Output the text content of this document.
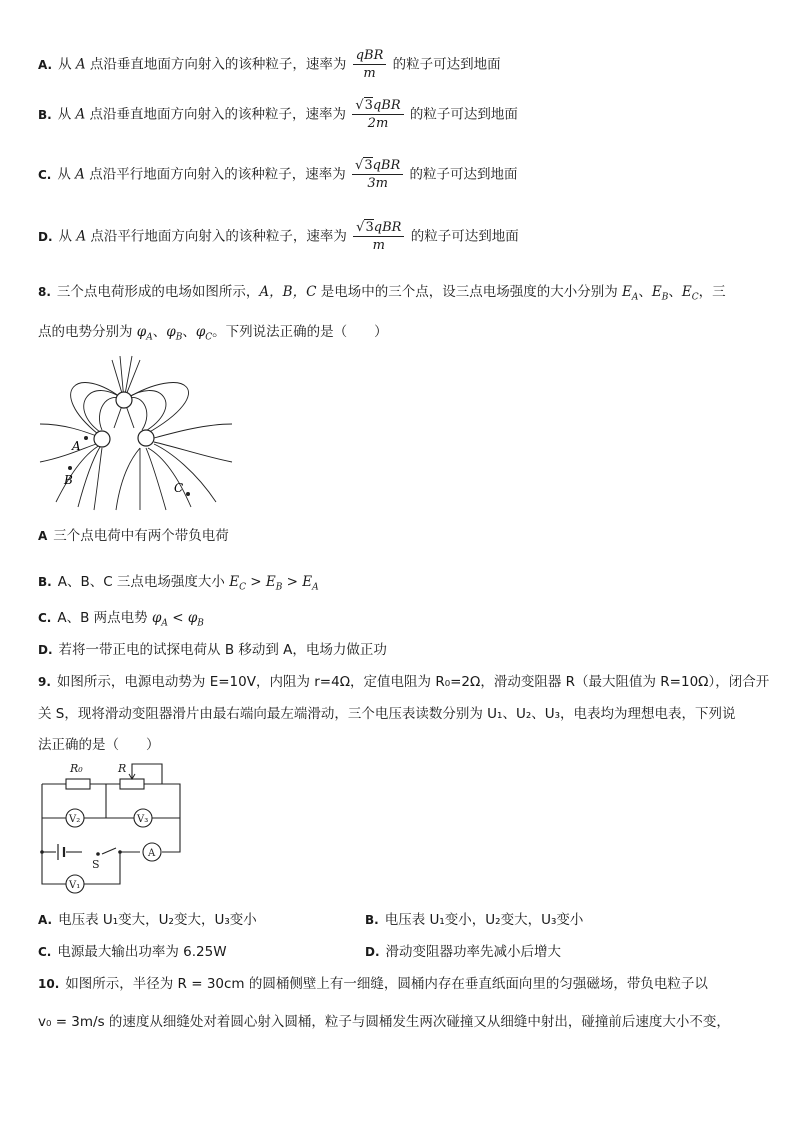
A. 从 A 点沿垂直地面方向射入的该种粒子，速率为 $\frac{\text{qBR}}{m}$ 的粒子可达到地面
B. 从 A 点沿垂直地面方向射入的该种粒子，速率为 $\frac{\text{√3qBR}}{2m}$ 的粒子可达到地面
C. 从 A 点沿平行地面方向射入的该种粒子，速率为 $\frac{\text{√3qBR}}{3m}$ 的粒子可达到地面
D. 从 A 点沿平行地面方向射入的该种粒子，速率为 $\frac{\text{√3qBR}}{m}$ 的粒子可达到地面
8. 三个点电荷形成的电场如图所示，A，B，C 是电场中的三个点，设三点电场强度的大小分别为 $E_A$、$E_B$、$E_C$，三
点的电势分别为 $\varphi_A$、$\varphi_B$、$\varphi_C$。下列说法正确的是（　　）
A
B
C
A 三个点电荷中有两个带负电荷
B. A、B、C 三点电场强度大小 $E_C > E_B > E_A$
C. A、B 两点电势 $\varphi_A < \varphi_B$
D. 若将一带正电的试探电荷从 B 移动到 A，电场力做正功
9. 如图所示，电源电动势为 E=10V，内阻为 r=4Ω，定值电阻为 R₀=2Ω，滑动变阻器 R（最大阻值为 R=10Ω），闭合开
关 S，现将滑动变阻器滑片由最右端向最左端滑动，三个电压表读数分别为 U₁、U₂、U₃，电表均为理想电表，下列说
法正确的是（　　）
V₂	V₃
A
V₁
S
R₀	R
A. 电压表 U₁变大，U₂变大，U₃变小	B. 电压表 U₁变小，U₂变大，U₃变小
C. 电源最大输出功率为 6.25W	D. 滑动变阻器功率先减小后增大
10. 如图所示，半径为 R = 30cm 的圆桶侧壁上有一细缝，圆桶内存在垂直纸面向里的匀强磁场，带负电粒子以
v₀ = 3m/s 的速度从细缝处对着圆心射入圆桶，粒子与圆桶发生两次碰撞又从细缝中射出，碰撞前后速度大小不变，
